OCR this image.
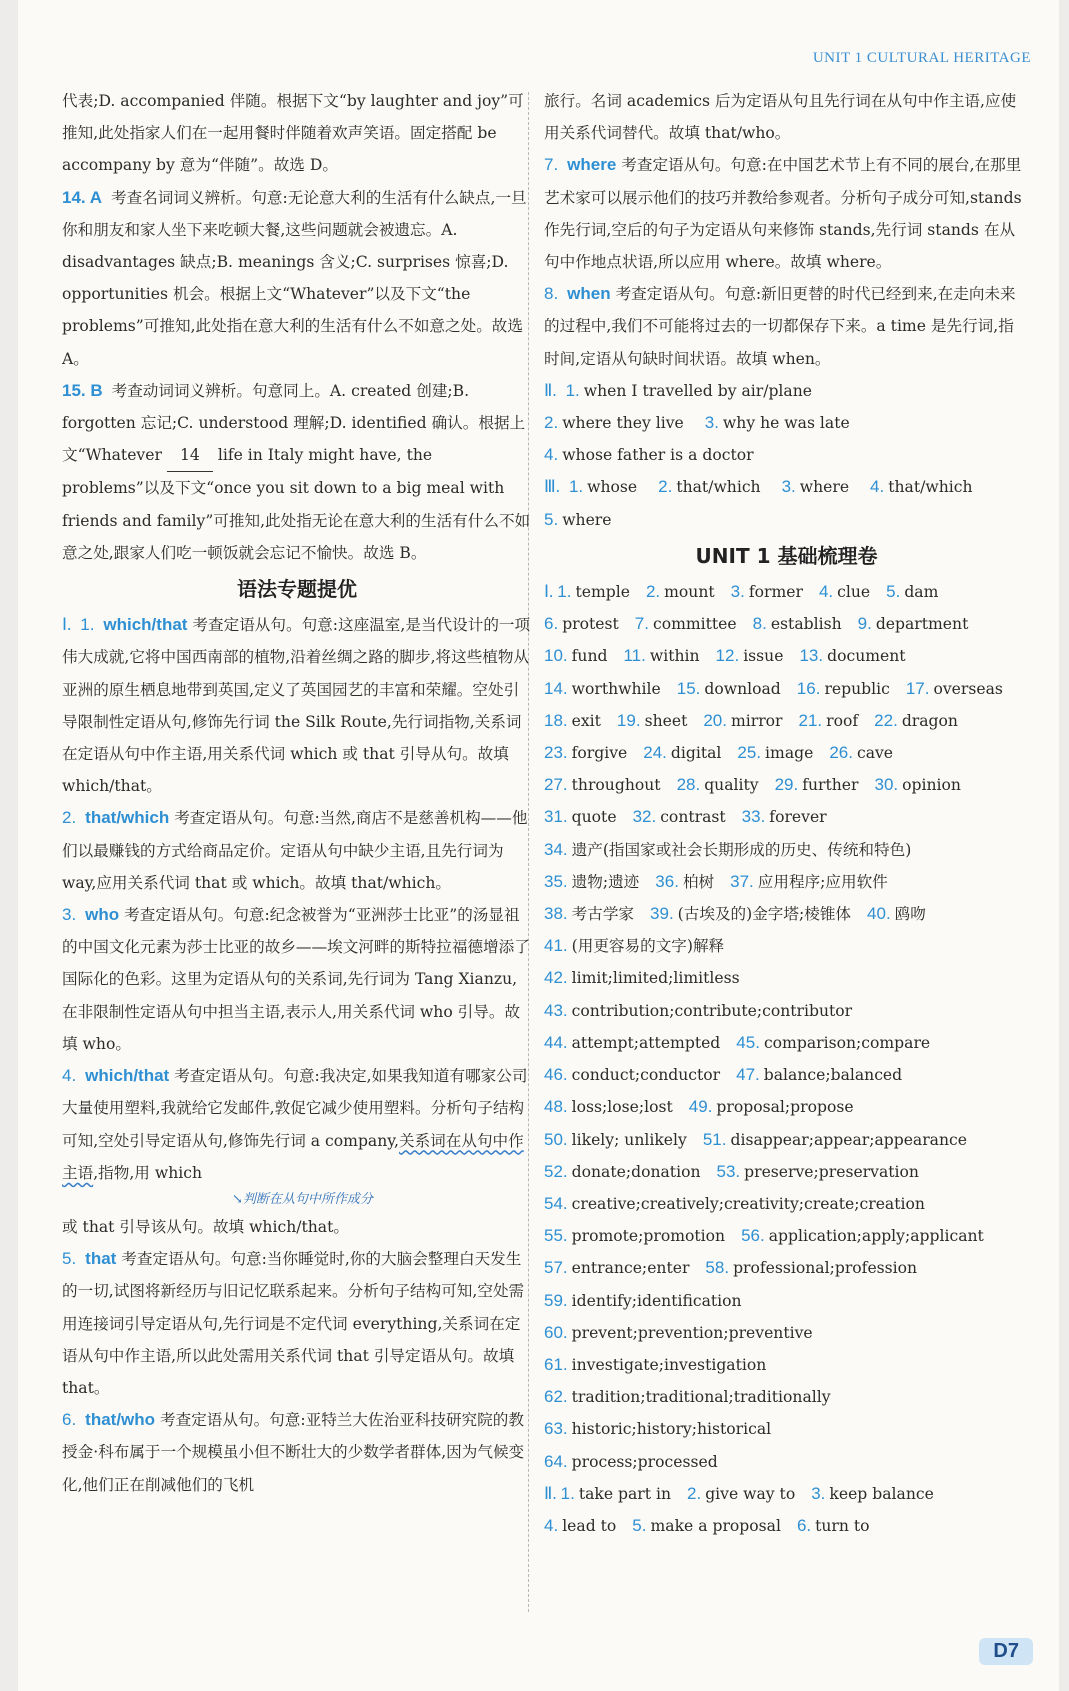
UNIT 1 CULTURAL HERITAGE

代表;D. accompanied 伴随。根据下文“by laughter and joy”可推知,此处指家人们在一起用餐时伴随着欢声笑语。固定搭配 be accompany by 意为“伴随”。故选 D。

14. A 考查名词词义辨析。句意:无论意大利的生活有什么缺点,一旦你和朋友和家人坐下来吃顿大餐,这些问题就会被遗忘。A. disadvantages 缺点;B. meanings 含义;C. surprises 惊喜;D. opportunities 机会。根据上文“Whatever”以及下文“the problems”可推知,此处指在意大利的生活有什么不如意之处。故选 A。

15. B 考查动词词义辨析。句意同上。A. created 创建;B. forgotten 忘记;C. understood 理解;D. identified 确认。根据上文“Whatever 14 life in Italy might have, the problems”以及下文“once you sit down to a big meal with friends and family”可推知,此处指无论在意大利的生活有什么不如意之处,跟家人们吃一顿饭就会忘记不愉快。故选 B。

语法专题提优

Ⅰ. 1. which/that 考查定语从句。句意:这座温室,是当代设计的一项伟大成就,它将中国西南部的植物,沿着丝绸之路的脚步,将这些植物从亚洲的原生栖息地带到英国,定义了英国园艺的丰富和荣耀。空处引导限制性定语从句,修饰先行词 the Silk Route,先行词指物,关系词在定语从句中作主语,用关系代词 which 或 that 引导从句。故填 which/that。

2. that/which 考查定语从句。句意:当然,商店不是慈善机构——他们以最赚钱的方式给商品定价。定语从句中缺少主语,且先行词为 way,应用关系代词 that 或 which。故填 that/which。

3. who 考查定语从句。句意:纪念被誉为“亚洲莎士比亚”的汤显祖的中国文化元素为莎士比亚的故乡——埃文河畔的斯特拉福德增添了国际化的色彩。这里为定语从句的关系词,先行词为 Tang Xianzu,在非限制性定语从句中担当主语,表示人,用关系代词 who 引导。故填 who。

4. which/that 考查定语从句。句意:我决定,如果我知道有哪家公司大量使用塑料,我就给它发邮件,敦促它减少使用塑料。分析句子结构可知,空处引导定语从句,修饰先行词 a company,关系词在从句中作主语,指物,用 which
↘判断在从句中所作成分
或 that 引导该从句。故填 which/that。

5. that 考查定语从句。句意:当你睡觉时,你的大脑会整理白天发生的一切,试图将新经历与旧记忆联系起来。分析句子结构可知,空处需用连接词引导定语从句,先行词是不定代词 everything,关系词在定语从句中作主语,所以此处需用关系代词 that 引导定语从句。故填 that。

6. that/who 考查定语从句。句意:亚特兰大佐治亚科技研究院的教授金·科布属于一个规模虽小但不断壮大的少数学者群体,因为气候变化,他们正在削减他们的飞机

旅行。名词 academics 后为定语从句且先行词在从句中作主语,应使用关系代词替代。故填 that/who。

7. where 考查定语从句。句意:在中国艺术节上有不同的展台,在那里艺术家可以展示他们的技巧并教给参观者。分析句子成分可知,stands 作先行词,空后的句子为定语从句来修饰 stands,先行词 stands 在从句中作地点状语,所以应用 where。故填 where。

8. when 考查定语从句。句意:新旧更替的时代已经到来,在走向未来的过程中,我们不可能将过去的一切都保存下来。a time 是先行词,指时间,定语从句缺时间状语。故填 when。

Ⅱ. 1. when I travelled by air/plane
2. where they live 3. why he was late
4. whose father is a doctor
Ⅲ. 1. whose 2. that/which 3. where 4. that/which
5. where
UNIT 1 基础梳理卷
Ⅰ. 1. temple 2. mount 3. former 4. clue 5. dam
6. protest 7. committee 8. establish 9. department
10. fund 11. within 12. issue 13. document
14. worthwhile 15. download 16. republic 17. overseas
18. exit 19. sheet 20. mirror 21. roof 22. dragon
23. forgive 24. digital 25. image 26. cave
27. throughout 28. quality 29. further 30. opinion
31. quote 32. contrast 33. forever
34. 遗产(指国家或社会长期形成的历史、传统和特色)
35. 遗物;遗迹 36. 柏树 37. 应用程序;应用软件
38. 考古学家 39. (古埃及的)金字塔;棱锥体 40. 鸥吻
41. (用更容易的文字)解释
42. limit;limited;limitless
43. contribution;contribute;contributor
44. attempt;attempted 45. comparison;compare
46. conduct;conductor 47. balance;balanced
48. loss;lose;lost 49. proposal;propose
50. likely; unlikely 51. disappear;appear;appearance
52. donate;donation 53. preserve;preservation
54. creative;creatively;creativity;create;creation
55. promote;promotion 56. application;apply;applicant
57. entrance;enter 58. professional;profession
59. identify;identification
60. prevent;prevention;preventive
61. investigate;investigation
62. tradition;traditional;traditionally
63. historic;history;historical
64. process;processed
Ⅱ. 1. take part in 2. give way to 3. keep balance
4. lead to 5. make a proposal 6. turn to
D7
